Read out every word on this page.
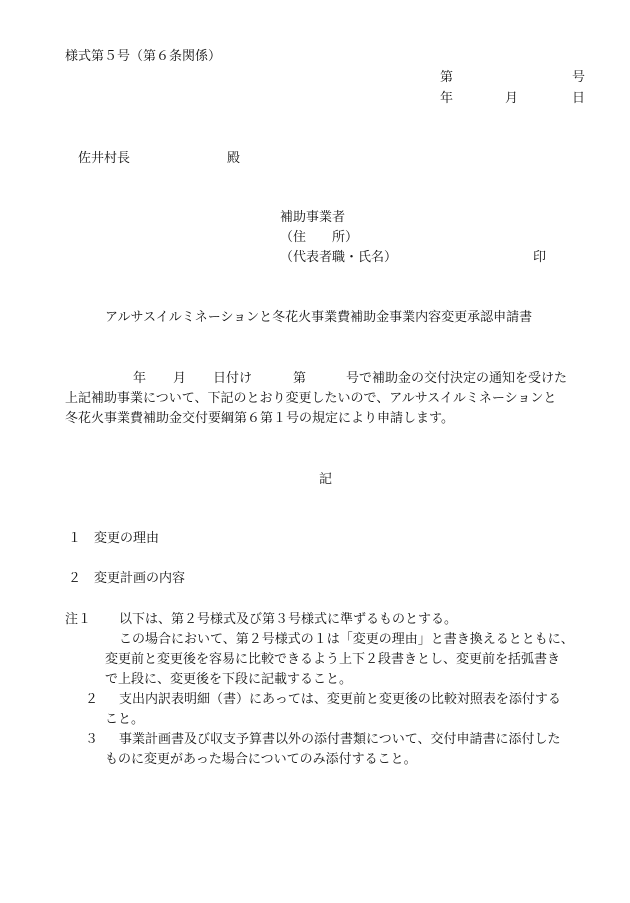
様式第５号（第６条関係）
第	号
年	月	日
佐井村長	殿
補助事業者
（住　　所）
（代表者職・氏名）	印
アルサスイルミネーションと冬花火事業費補助金事業内容変更承認申請書
年 月 日付け	第	号で補助金の交付決定の通知を受けた
上記補助事業について、下記のとおり変更したいので、アルサスイルミネーションと
冬花火事業費補助金交付要綱第６第１号の規定により申請します。
記
１ 変更の理由
２ 変更計画の内容
注１ 以下は、第２号様式及び第３号様式に準ずるものとする。
この場合において、第２号様式の１は「変更の理由」と書き換えるとともに、
変更前と変更後を容易に比較できるよう上下２段書きとし、変更前を括弧書き
で上段に、変更後を下段に記載すること。
２ 支出内訳表明細（書）にあっては、変更前と変更後の比較対照表を添付する
こと。
３ 事業計画書及び収支予算書以外の添付書類について、交付申請書に添付した
ものに変更があった場合についてのみ添付すること。
